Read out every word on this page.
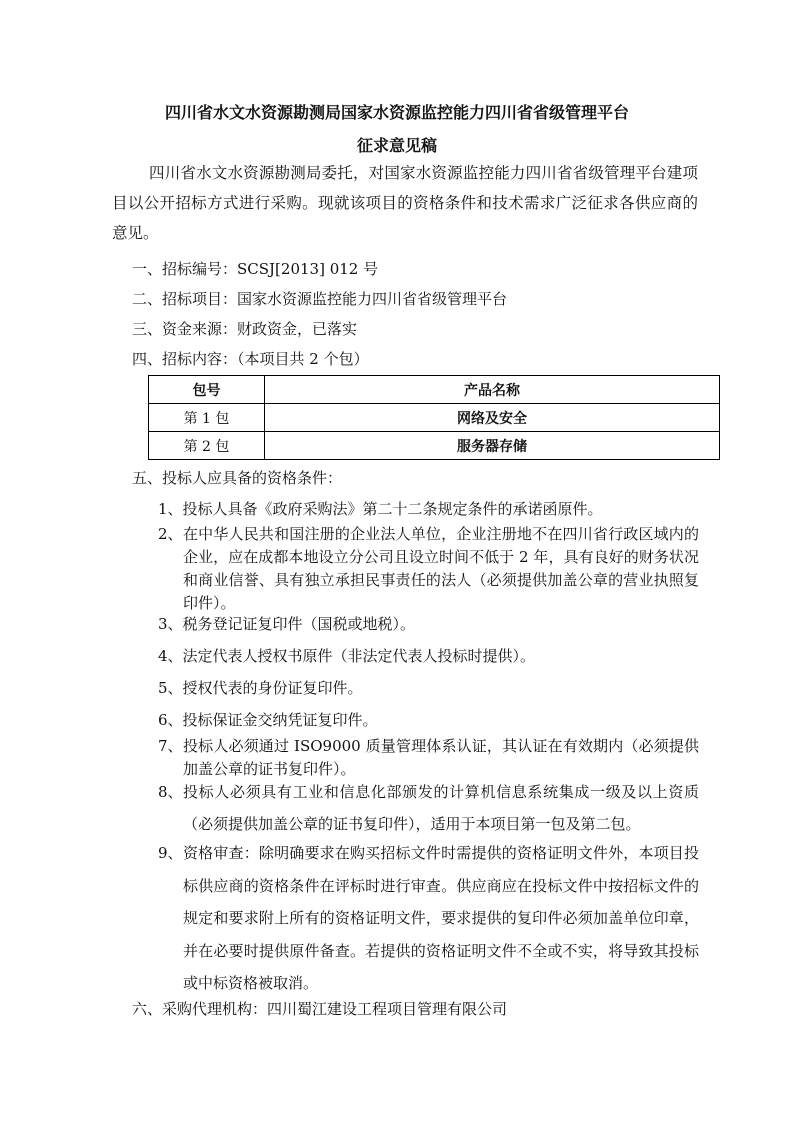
四川省水文水资源勘测局国家水资源监控能力四川省省级管理平台
征求意见稿

四川省水文水资源勘测局委托，对国家水资源监控能力四川省省级管理平台建项目以公开招标方式进行采购。现就该项目的资格条件和技术需求广泛征求各供应商的意见。

一、招标编号：SCSJ[2013] 012 号
二、招标项目：国家水资源监控能力四川省省级管理平台
三、资金来源：财政资金，已落实
四、招标内容：（本项目共 2 个包）
包号	产品名称
第 1 包	网络及安全
第 2 包	服务器存储
五、投标人应具备的资格条件：
1、投标人具备《政府采购法》第二十二条规定条件的承诺函原件。
2、 在中华人民共和国注册的企业法人单位，企业注册地不在四川省行政区域内的企业，应在成都本地设立分公司且设立时间不低于 2 年，具有良好的财务状况和商业信誉、具有独立承担民事责任的法人（必须提供加盖公章的营业执照复印件）。
3、税务登记证复印件（国税或地税）。
4、法定代表人授权书原件（非法定代表人投标时提供）。
5、授权代表的身份证复印件。
6、投标保证金交纳凭证复印件。
7、 投标人必须通过 ISO9000 质量管理体系认证，其认证在有效期内（必须提供加盖公章的证书复印件）。
8、 投标人必须具有工业和信息化部颁发的计算机信息系统集成一级及以上资质（必须提供加盖公章的证书复印件），适用于本项目第一包及第二包。
9、 资格审查：除明确要求在购买招标文件时需提供的资格证明文件外，本项目投标供应商的资格条件在评标时进行审查。供应商应在投标文件中按招标文件的规定和要求附上所有的资格证明文件，要求提供的复印件必须加盖单位印章，并在必要时提供原件备查。若提供的资格证明文件不全或不实，将导致其投标或中标资格被取消。
六、采购代理机构：四川蜀江建设工程项目管理有限公司
